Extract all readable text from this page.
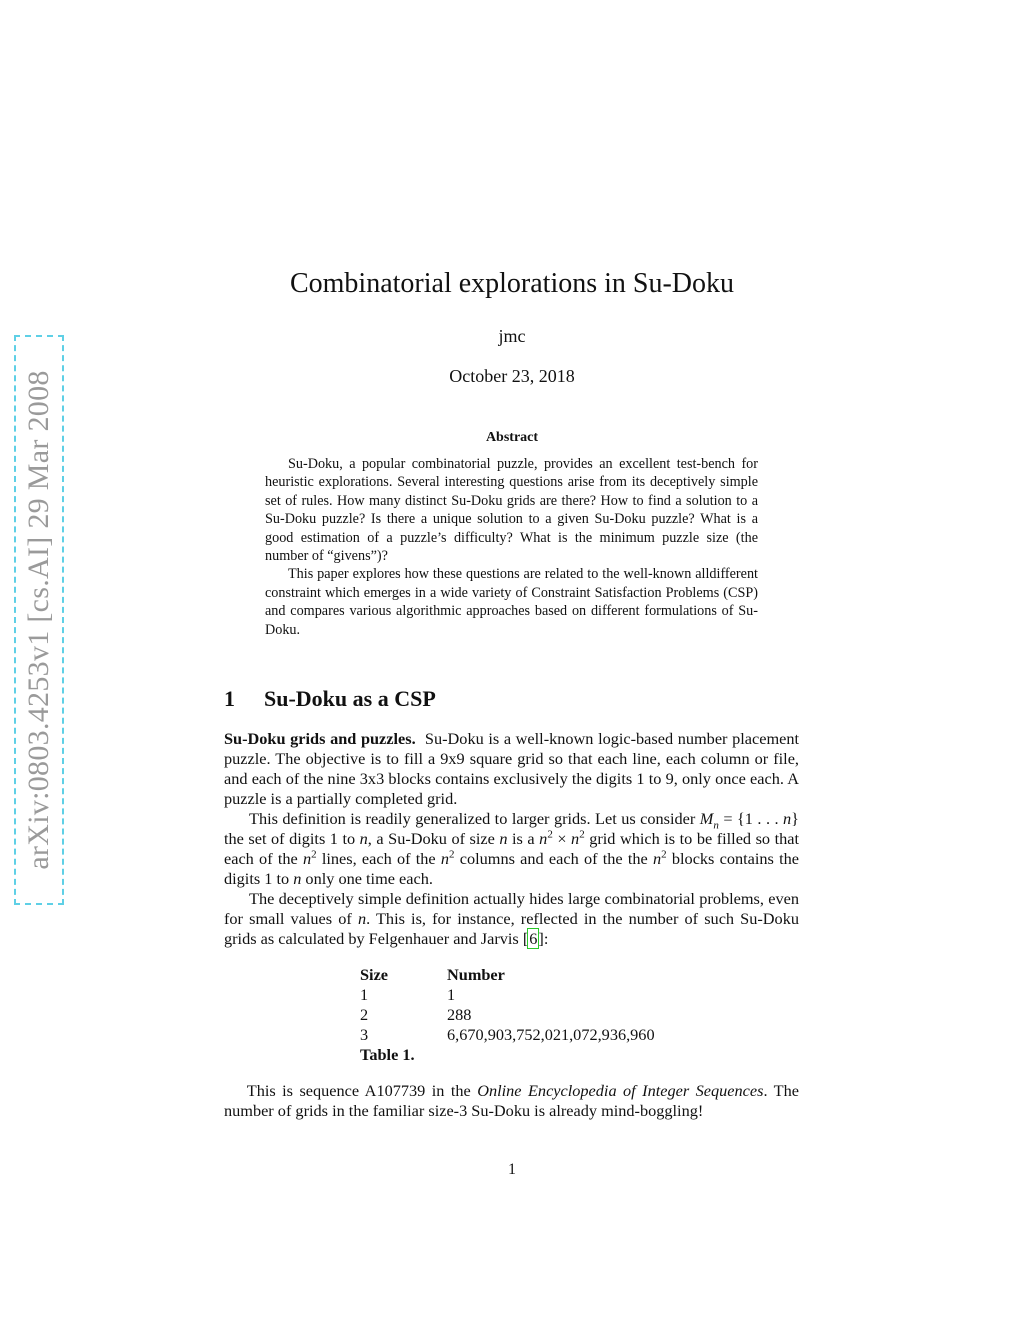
arXiv:0803.4253v1 [cs.AI] 29 Mar 2008
Combinatorial explorations in Su-Doku
jmc
October 23, 2018
Abstract

Su-Doku, a popular combinatorial puzzle, provides an excellent test-bench for heuristic explorations. Several interesting questions arise from its deceptively simple set of rules. How many distinct Su-Doku grids are there? How to find a solution to a Su-Doku puzzle? Is there a unique solution to a given Su-Doku puzzle? What is a good estimation of a puzzle’s difficulty? What is the minimum puzzle size (the number of “givens”)?

This paper explores how these questions are related to the well-known alldifferent constraint which emerges in a wide variety of Constraint Satisfaction Problems (CSP) and compares various algorithmic approaches based on different formulations of Su-Doku.

1 Su-Doku as a CSP

Su-Doku grids and puzzles. Su-Doku is a well-known logic-based number placement puzzle. The objective is to fill a 9x9 square grid so that each line, each column or file, and each of the nine 3x3 blocks contains exclusively the digits 1 to 9, only once each. A puzzle is a partially completed grid.

This definition is readily generalized to larger grids. Let us consider $M_n = \{1$ . . . n} the set of digits 1 to n, a Su-Doku of size n is a $n^2 \times n^2$ grid which is to be filled so that each of the $n^2$ lines, each of the $n^2$ columns and each of the the $n^2$ blocks contains the digits 1 to n only one time each.

The deceptively simple definition actually hides large combinatorial problems, even for small values of n. This is, for instance, reflected in the number of such Su-Doku grids as calculated by Felgenhauer and Jarvis [6]:

Size	Number
1	1
2	288
3	6,670,903,752,021,072,936,960
Table 1.	

  This is sequence A107739 in the Online Encyclopedia of Integer Sequences. The number of grids in the familiar size-3 Su-Doku is already mind-boggling!

1
